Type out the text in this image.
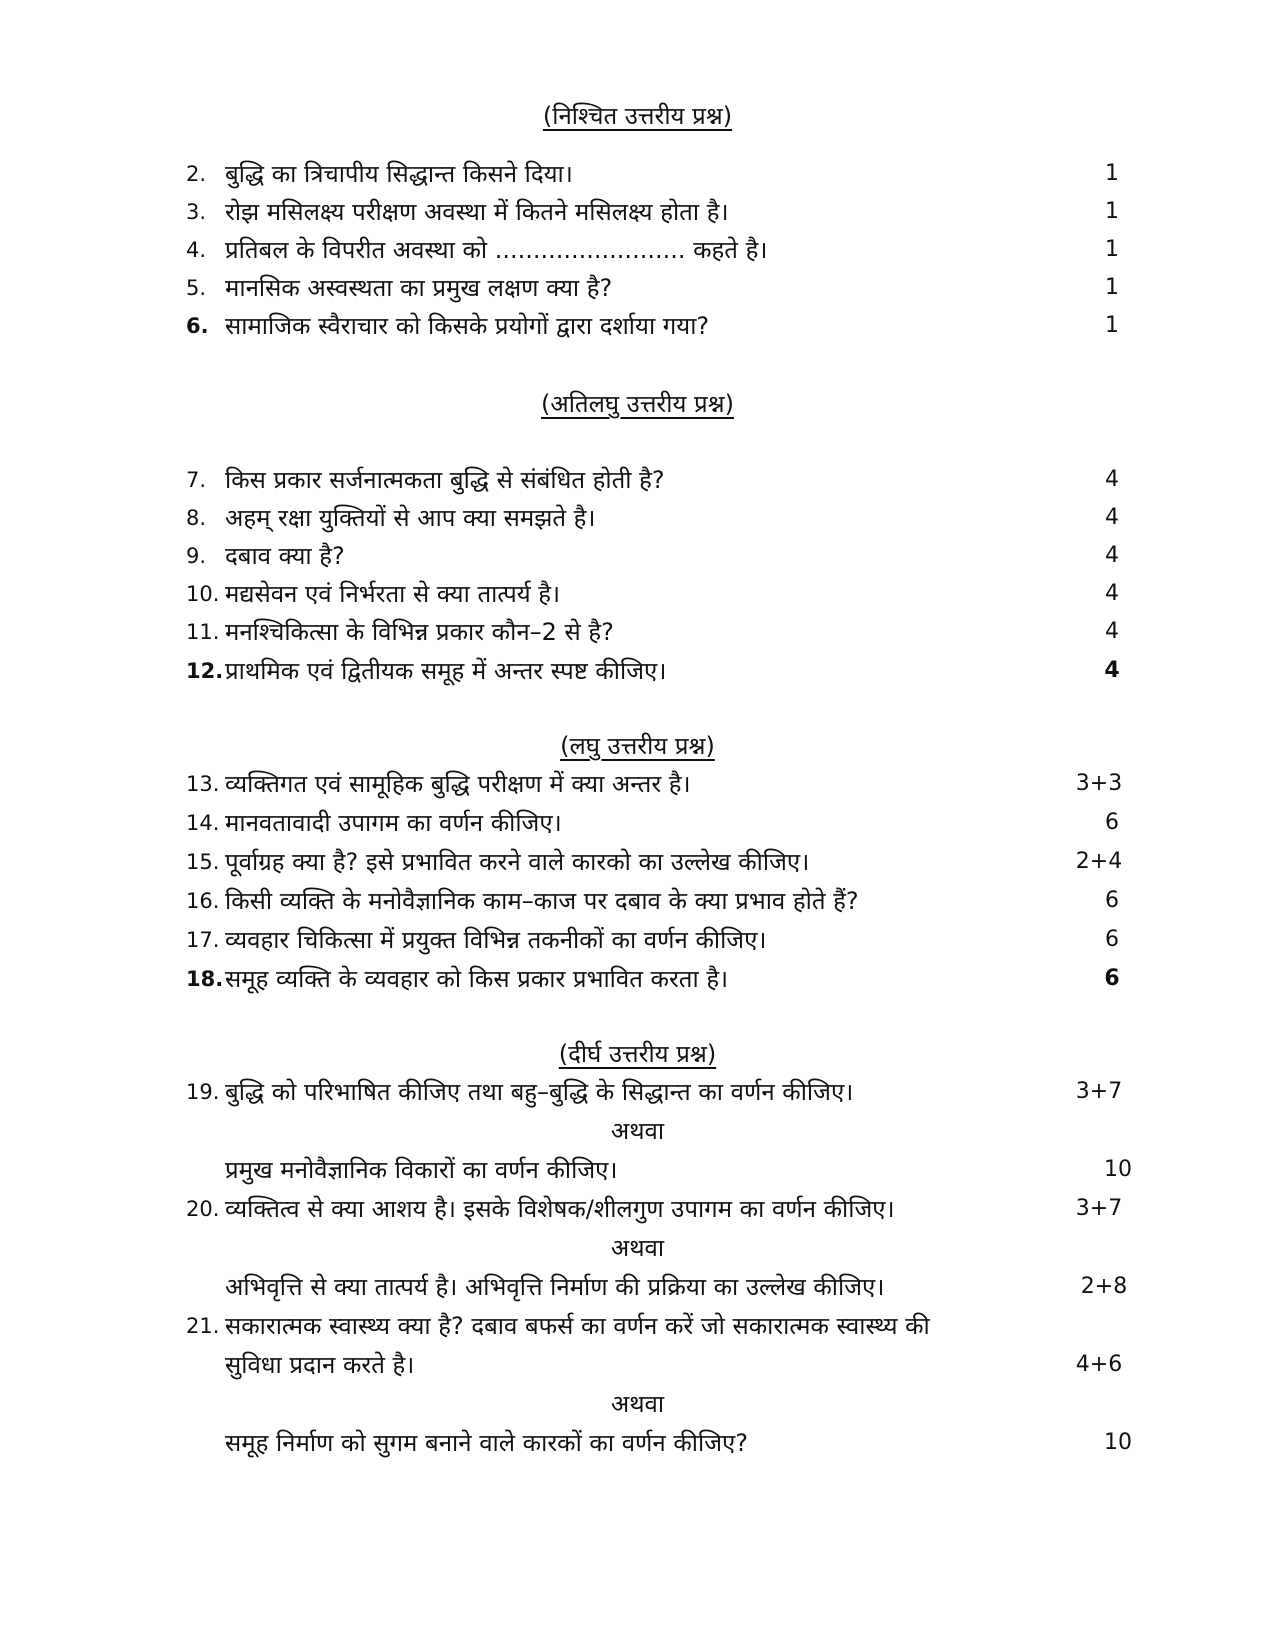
(निश्चित उत्तरीय प्रश्न)
2. बुद्धि का त्रिचापीय सिद्धान्त किसने दिया।	1
3. रोझ मसिलक्ष्य परीक्षण अवस्था में कितने मसिलक्ष्य होता है।	1
4. प्रतिबल के विपरीत अवस्था को ......................... कहते है।	1
5. मानसिक अस्वस्थता का प्रमुख लक्षण क्या है?	1
6. सामाजिक स्वैराचार को किसके प्रयोगों द्वारा दर्शाया गया?	1
(अतिलघु उत्तरीय प्रश्न)
7. किस प्रकार सर्जनात्मकता बुद्धि से संबंधित होती है?	4
8. अहम् रक्षा युक्तियों से आप क्या समझते है।	4
9. दबाव क्या है?	4
10. मद्यसेवन एवं निर्भरता से क्या तात्पर्य है।	4
11. मनश्चिकित्सा के विभिन्न प्रकार कौन–2 से है?	4
12. प्राथमिक एवं द्वितीयक समूह में अन्तर स्पष्ट कीजिए।	4
(लघु उत्तरीय प्रश्न)
13. व्यक्तिगत एवं सामूहिक बुद्धि परीक्षण में क्या अन्तर है।	3+3
14. मानवतावादी उपागम का वर्णन कीजिए।	6
15. पूर्वाग्रह क्या है? इसे प्रभावित करने वाले कारको का उल्लेख कीजिए।	2+4
16. किसी व्यक्ति के मनोवैज्ञानिक काम–काज पर दबाव के क्या प्रभाव होते हैं?	6
17. व्यवहार चिकित्सा में प्रयुक्त विभिन्न तकनीकों का वर्णन कीजिए।	6
18. समूह व्यक्ति के व्यवहार को किस प्रकार प्रभावित करता है।	6
(दीर्घ उत्तरीय प्रश्न)
19. बुद्धि को परिभाषित कीजिए तथा बहु–बुद्धि के सिद्धान्त का वर्णन कीजिए।	3+7
अथवा
प्रमुख मनोवैज्ञानिक विकारों का वर्णन कीजिए।	10
20. व्यक्तित्व से क्या आशय है। इसके विशेषक/शीलगुण उपागम का वर्णन कीजिए।	3+7
अथवा
अभिवृत्ति से क्या तात्पर्य है। अभिवृत्ति निर्माण की प्रक्रिया का उल्लेख कीजिए।	2+8
21. सकारात्मक स्वास्थ्य क्या है? दबाव बफर्स का वर्णन करें जो सकारात्मक स्वास्थ्य की
सुविधा प्रदान करते है।	4+6
अथवा
समूह निर्माण को सुगम बनाने वाले कारकों का वर्णन कीजिए?	10
